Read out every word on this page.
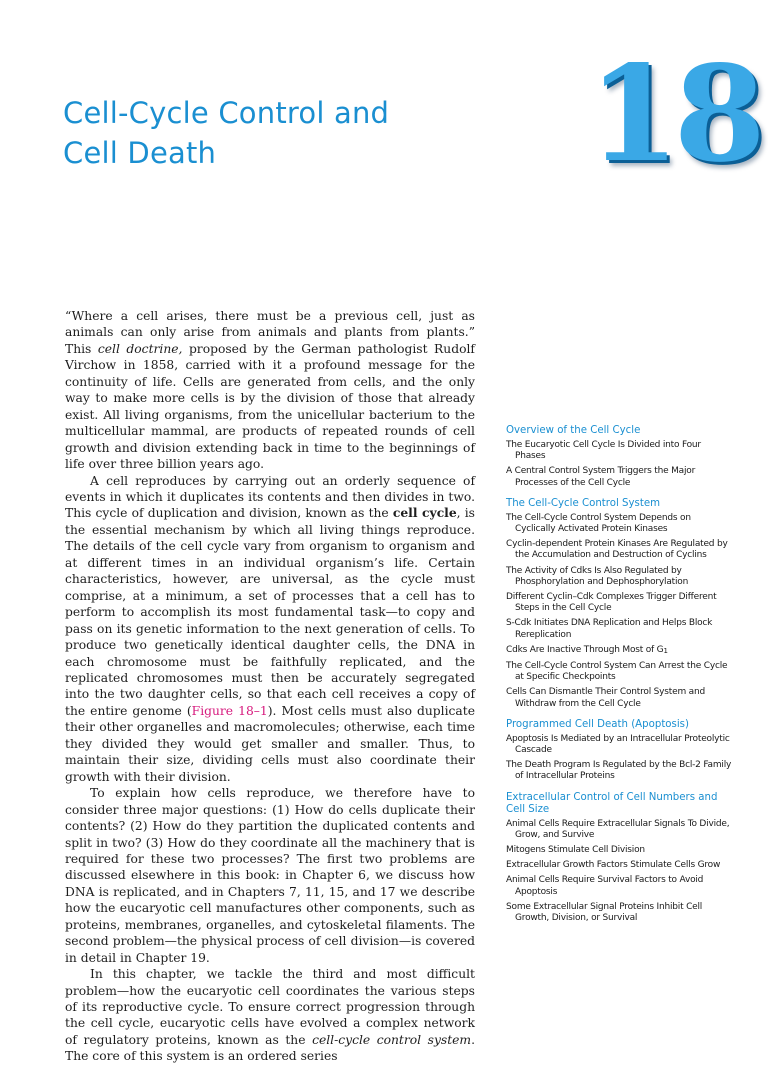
Cell-Cycle Control and
Cell Death	18

“Where a cell arises, there must be a previous cell, just as animals can only arise from animals and plants from plants.” This cell doctrine, proposed by the German pathologist Rudolf Virchow in 1858, carried with it a profound message for the continuity of life. Cells are generated from cells, and the only way to make more cells is by the division of those that already exist. All living organisms, from the unicellular bacterium to the multicellular mammal, are products of repeated rounds of cell growth and division extending back in time to the beginnings of life over three billion years ago.

A cell reproduces by carrying out an orderly sequence of events in which it duplicates its contents and then divides in two. This cycle of duplication and division, known as the cell cycle, is the essential mechanism by which all living things reproduce. The details of the cell cycle vary from organism to organism and at different times in an individual organism’s life. Certain characteristics, however, are universal, as the cycle must comprise, at a minimum, a set of processes that a cell has to perform to accomplish its most fundamental task—to copy and pass on its genetic information to the next generation of cells. To produce two genetically identical daughter cells, the DNA in each chromosome must be faithfully replicated, and the replicated chromosomes must then be accurately segregated into the two daughter cells, so that each cell receives a copy of the entire genome (Figure 18–1). Most cells must also duplicate their other organelles and macromolecules; otherwise, each time they divided they would get smaller and smaller. Thus, to maintain their size, dividing cells must also coordinate their growth with their division.

To explain how cells reproduce, we therefore have to consider three major questions: (1) How do cells duplicate their contents? (2) How do they partition the duplicated contents and split in two? (3) How do they coordinate all the machinery that is required for these two processes? The first two problems are discussed elsewhere in this book: in Chapter 6, we discuss how DNA is replicated, and in Chapters 7, 11, 15, and 17 we describe how the eucaryotic cell manufactures other components, such as proteins, membranes, organelles, and cytoskeletal filaments. The second problem—the physical process of cell division—is covered in detail in Chapter 19.

In this chapter, we tackle the third and most difficult problem—how the eucaryotic cell coordinates the various steps of its reproductive cycle. To ensure correct progression through the cell cycle, eucaryotic cells have evolved a complex network of regulatory proteins, known as the cell-cycle control system. The core of this system is an ordered series

Overview of the Cell Cycle
The Eucaryotic Cell Cycle Is Divided into Four Phases
A Central Control System Triggers the Major Processes of the Cell Cycle
The Cell-Cycle Control System
The Cell-Cycle Control System Depends on Cyclically Activated Protein Kinases
Cyclin-dependent Protein Kinases Are Regulated by the Accumulation and Destruction of Cyclins
The Activity of Cdks Is Also Regulated by Phosphorylation and Dephosphorylation
Different Cyclin–Cdk Complexes Trigger Different Steps in the Cell Cycle
S-Cdk Initiates DNA Replication and Helps Block Rereplication
Cdks Are Inactive Through Most of G1
The Cell-Cycle Control System Can Arrest the Cycle at Specific Checkpoints
Cells Can Dismantle Their Control System and Withdraw from the Cell Cycle
Programmed Cell Death (Apoptosis)
Apoptosis Is Mediated by an Intracellular Proteolytic Cascade
The Death Program Is Regulated by the Bcl-2 Family of Intracellular Proteins
Extracellular Control of Cell Numbers and Cell Size
Animal Cells Require Extracellular Signals To Divide, Grow, and Survive
Mitogens Stimulate Cell Division
Extracellular Growth Factors Stimulate Cells Grow
Animal Cells Require Survival Factors to Avoid Apoptosis
Some Extracellular Signal Proteins Inhibit Cell Growth, Division, or Survival
